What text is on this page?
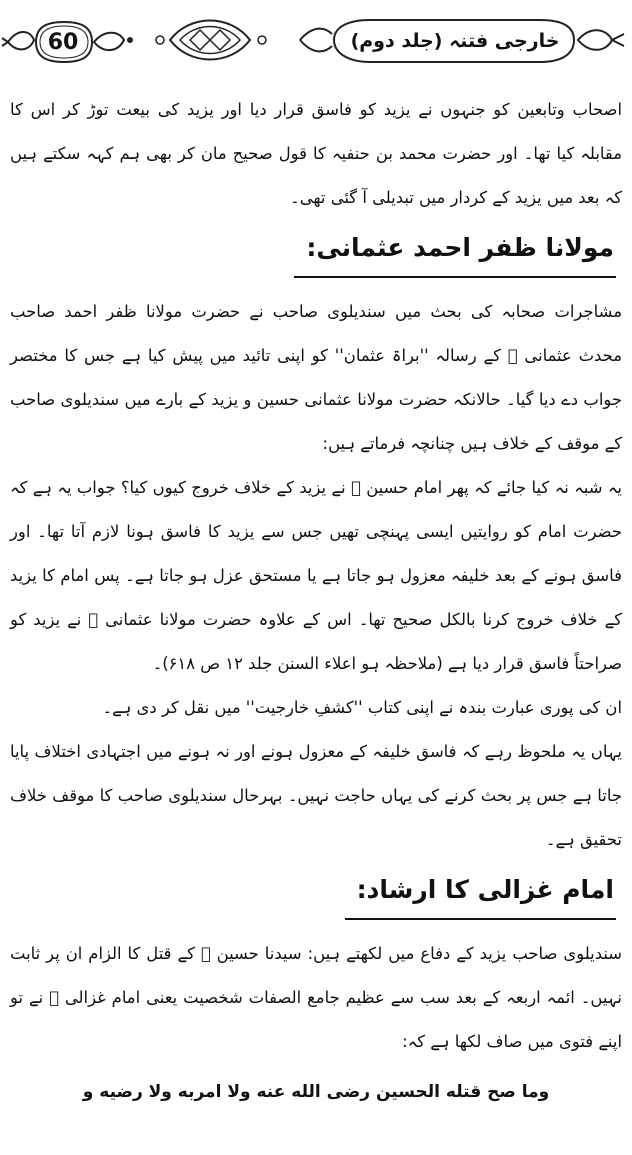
60	خارجی فتنہ (جلد دوم)

اصحاب وتابعین کو جنہوں نے یزید کو فاسق قرار دیا اور یزید کی بیعت توڑ کر اس کا مقابلہ کیا تھا۔ اور حضرت محمد بن حنفیہ کا قول صحیح مان کر بھی ہم کہہ سکتے ہیں کہ بعد میں یزید کے کردار میں تبدیلی آ گئی تھی۔

مولانا ظفر احمد عثمانی:

مشاجرات صحابہ کی بحث میں سندیلوی صاحب نے حضرت مولانا ظفر احمد صاحب محدث عثمانی ﷫ کے رسالہ ''براۃ عثمان'' کو اپنی تائید میں پیش کیا ہے جس کا مختصر جواب دے دیا گیا۔ حالانکہ حضرت مولانا عثمانی حسین و یزید کے بارے میں سندیلوی صاحب کے موقف کے خلاف ہیں چنانچہ فرماتے ہیں:

یہ شبہ نہ کیا جائے کہ پھر امام حسین ﷛ نے یزید کے خلاف خروج کیوں کیا؟ جواب یہ ہے کہ حضرت امام کو روایتیں ایسی پہنچی تھیں جس سے یزید کا فاسق ہونا لازم آتا تھا۔ اور فاسق ہونے کے بعد خلیفہ معزول ہو جاتا ہے یا مستحق عزل ہو جاتا ہے۔ پس امام کا یزید کے خلاف خروج کرنا بالکل صحیح تھا۔ اس کے علاوہ حضرت مولانا عثمانی ﷫ نے یزید کو صراحتاً فاسق قرار دیا ہے (ملاحظہ ہو اعلاء السنن جلد ۱۲ ص ۶۱۸)۔

ان کی پوری عبارت بندہ نے اپنی کتاب ''کشفِ خارجیت'' میں نقل کر دی ہے۔

یہاں یہ ملحوظ رہے کہ فاسق خلیفہ کے معزول ہونے اور نہ ہونے میں اجتہادی اختلاف پایا جاتا ہے جس پر بحث کرنے کی یہاں حاجت نہیں۔ بہرحال سندیلوی صاحب کا موقف خلاف تحقیق ہے۔

امام غزالی کا ارشاد:

سندیلوی صاحب یزید کے دفاع میں لکھتے ہیں: سیدنا حسین ﷛ کے قتل کا الزام ان پر ثابت نہیں۔ ائمہ اربعہ کے بعد سب سے عظیم جامع الصفات شخصیت یعنی امام غزالی ﷫ نے تو اپنے فتوی میں صاف لکھا ہے کہ:

وما صح قتله الحسين رضى الله عنه ولا امربه ولا رضيه و
